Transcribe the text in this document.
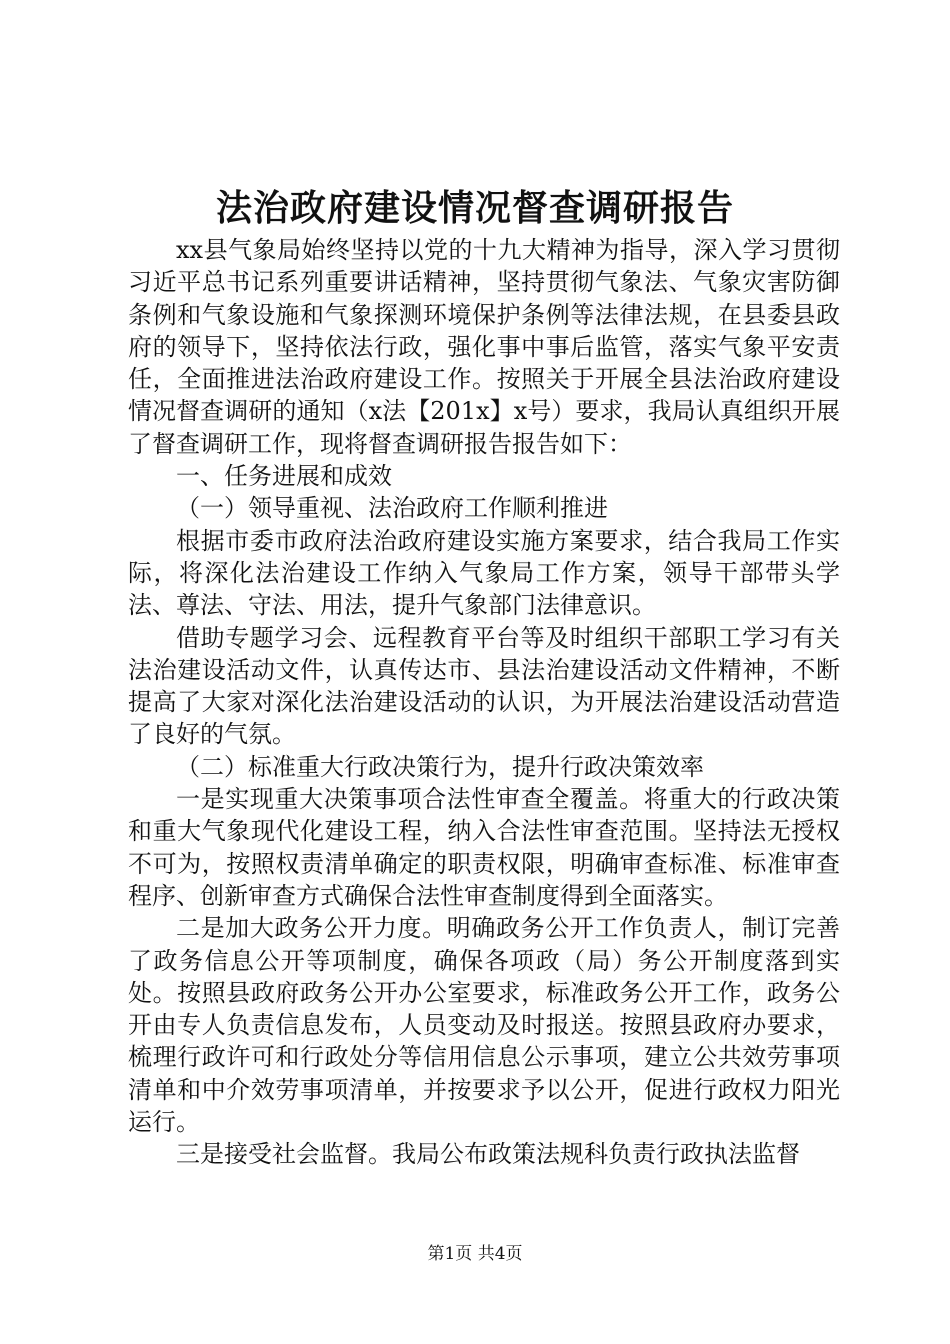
法治政府建设情况督查调研报告

xx县气象局始终坚持以党的十九大精神为指导，深入学习贯彻习近平总书记系列重要讲话精神，坚持贯彻气象法、气象灾害防御条例和气象设施和气象探测环境保护条例等法律法规，在县委县政府的领导下，坚持依法行政，强化事中事后监管，落实气象平安责任，全面推进法治政府建设工作。按照关于开展全县法治政府建设情况督查调研的通知（x法【201x】x号）要求，我局认真组织开展了督查调研工作，现将督查调研报告报告如下：

一、任务进展和成效

（一）领导重视、法治政府工作顺利推进

根据市委市政府法治政府建设实施方案要求，结合我局工作实际，将深化法治建设工作纳入气象局工作方案，领导干部带头学法、尊法、守法、用法，提升气象部门法律意识。

借助专题学习会、远程教育平台等及时组织干部职工学习有关法治建设活动文件，认真传达市、县法治建设活动文件精神，不断提高了大家对深化法治建设活动的认识，为开展法治建设活动营造了良好的气氛。

（二）标准重大行政决策行为，提升行政决策效率

一是实现重大决策事项合法性审查全覆盖。将重大的行政决策和重大气象现代化建设工程，纳入合法性审查范围。坚持法无授权不可为，按照权责清单确定的职责权限，明确审查标准、标准审查程序、创新审查方式确保合法性审查制度得到全面落实。

二是加大政务公开力度。明确政务公开工作负责人，制订完善了政务信息公开等项制度，确保各项政（局）务公开制度落到实处。按照县政府政务公开办公室要求，标准政务公开工作，政务公开由专人负责信息发布，人员变动及时报送。按照县政府办要求，梳理行政许可和行政处分等信用信息公示事项，建立公共效劳事项清单和中介效劳事项清单，并按要求予以公开，促进行政权力阳光运行。

三是接受社会监督。我局公布政策法规科负责行政执法监督

第1页 共4页
